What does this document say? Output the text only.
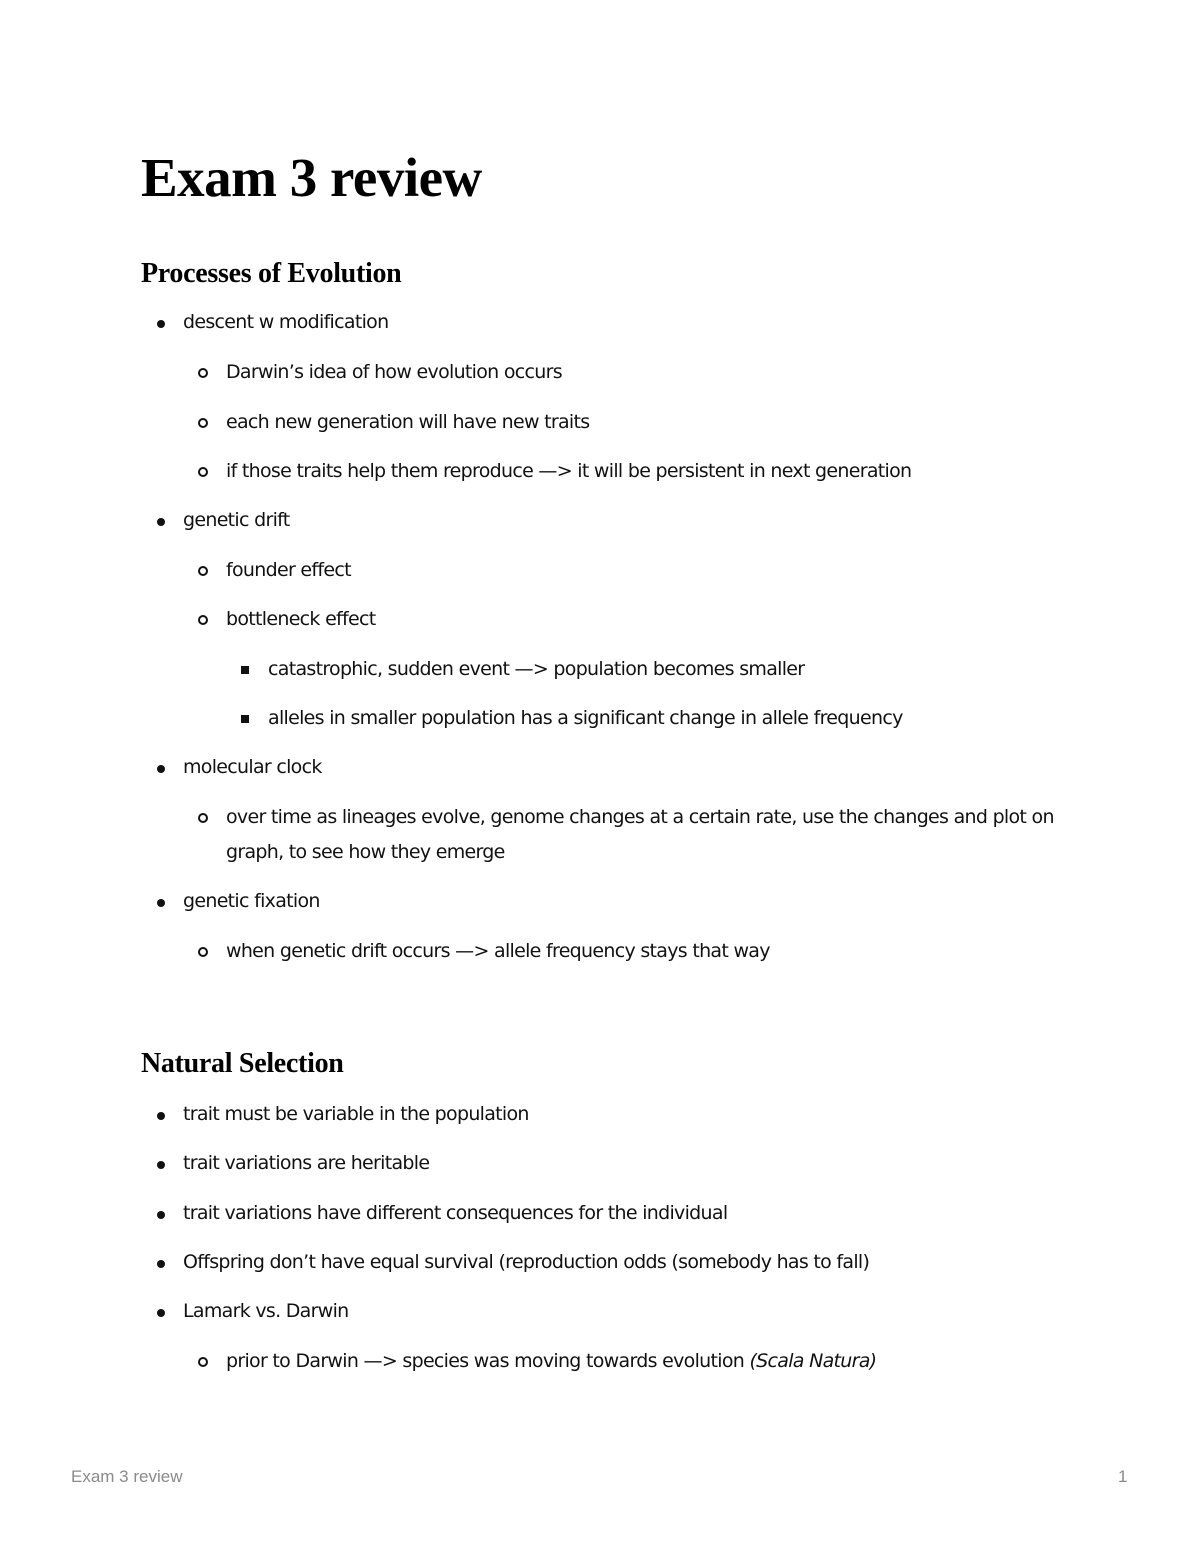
Exam 3 review
Processes of Evolution

descent w modification

Darwin’s idea of how evolution occurs

each new generation will have new traits

if those traits help them reproduce —> it will be persistent in next generation

genetic drift

founder effect

bottleneck effect

catastrophic, sudden event —> population becomes smaller

alleles in smaller population has a significant change in allele frequency

molecular clock

over time as lineages evolve, genome changes at a certain rate, use the changes and plot on graph, to see how they emerge

genetic fixation

when genetic drift occurs —> allele frequency stays that way

Natural Selection

trait must be variable in the population

trait variations are heritable

trait variations have different consequences for the individual

Offspring don’t have equal survival (reproduction odds (somebody has to fall)

Lamark vs. Darwin

prior to Darwin —> species was moving towards evolution (Scala Natura)

Exam 3 review	1
